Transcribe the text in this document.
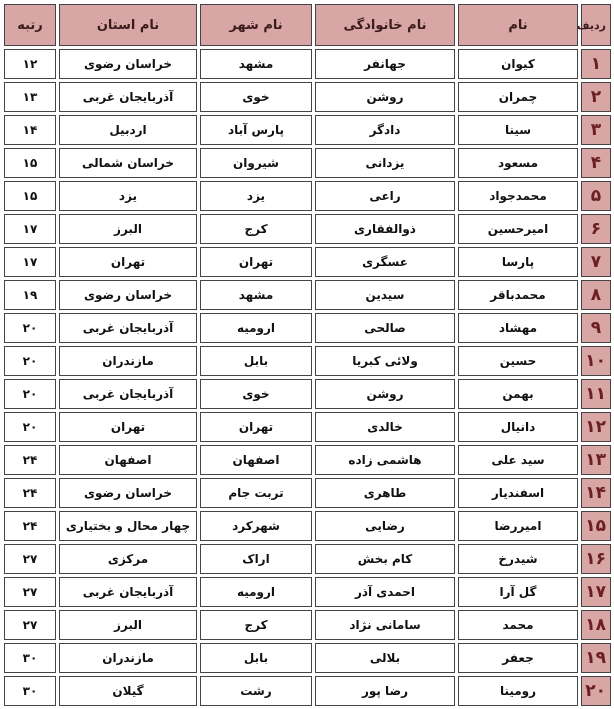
ردیف	نام	نام خانوادگی	نام شهر	نام استان	رتبه
۱	کیوان	جهانفر	مشهد	خراسان رضوی	۱۲
۲	چمران	روشن	خوی	آذربایجان غربی	۱۳
۳	سینا	دادگر	پارس آباد	اردبیل	۱۴
۴	مسعود	یزدانی	شیروان	خراسان شمالی	۱۵
۵	محمدجواد	راعی	یزد	یزد	۱۵
۶	امیرحسین	ذوالفقاری	کرج	البرز	۱۷
۷	پارسا	عسگری	تهران	تهران	۱۷
۸	محمدباقر	سیدین	مشهد	خراسان رضوی	۱۹
۹	مهشاد	صالحی	ارومیه	آذربایجان غربی	۲۰
۱۰	حسین	ولائی کبریا	بابل	مازندران	۲۰
۱۱	بهمن	روشن	خوی	آذربایجان غربی	۲۰
۱۲	دانیال	خالدی	تهران	تهران	۲۰
۱۳	سید علی	هاشمی زاده	اصفهان	اصفهان	۲۴
۱۴	اسفندیار	طاهری	تربت جام	خراسان رضوی	۲۴
۱۵	امیررضا	رضایی	شهرکرد	چهار محال و بختیاری	۲۴
۱۶	شیدرخ	کام بخش	اراک	مرکزی	۲۷
۱۷	گل آرا	احمدی آذر	ارومیه	آذربایجان غربی	۲۷
۱۸	محمد	سامانی نژاد	کرج	البرز	۲۷
۱۹	جعفر	بلالی	بابل	مازندران	۳۰
۲۰	رومینا	رضا پور	رشت	گیلان	۳۰
